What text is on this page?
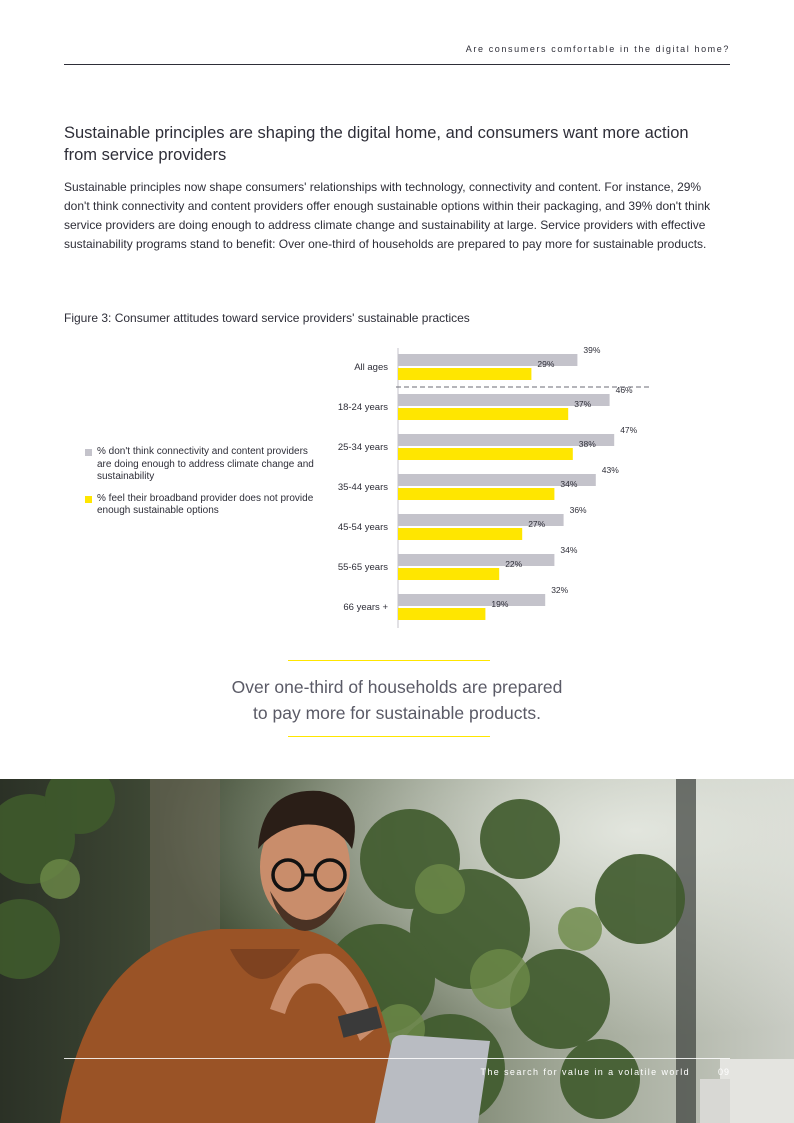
Are consumers comfortable in the digital home?
Sustainable principles are shaping the digital home, and consumers want more action from service providers

Sustainable principles now shape consumers' relationships with technology, connectivity and content. For instance, 29% don't think connectivity and content providers offer enough sustainable options within their packaging, and 39% don't think service providers are doing enough to address climate change and sustainability at large. Service providers with effective sustainability programs stand to benefit: Over one-third of households are prepared to pay more for sustainable products.

Figure 3: Consumer attitudes toward service providers' sustainable practices

% don't think connectivity and content providers are doing enough to address climate change and sustainability
% feel their broadband provider does not provide enough sustainable options
All ages
39%
29%
18-24 years
46%
37%
25-34 years
47%
38%
35-44 years
43%
34%
45-54 years
36%
27%
55-65 years
34%
22%
66 years +
32%
19%
Over one-third of households are prepared
to pay more for sustainable products.
The search for value in a volatile world	09
